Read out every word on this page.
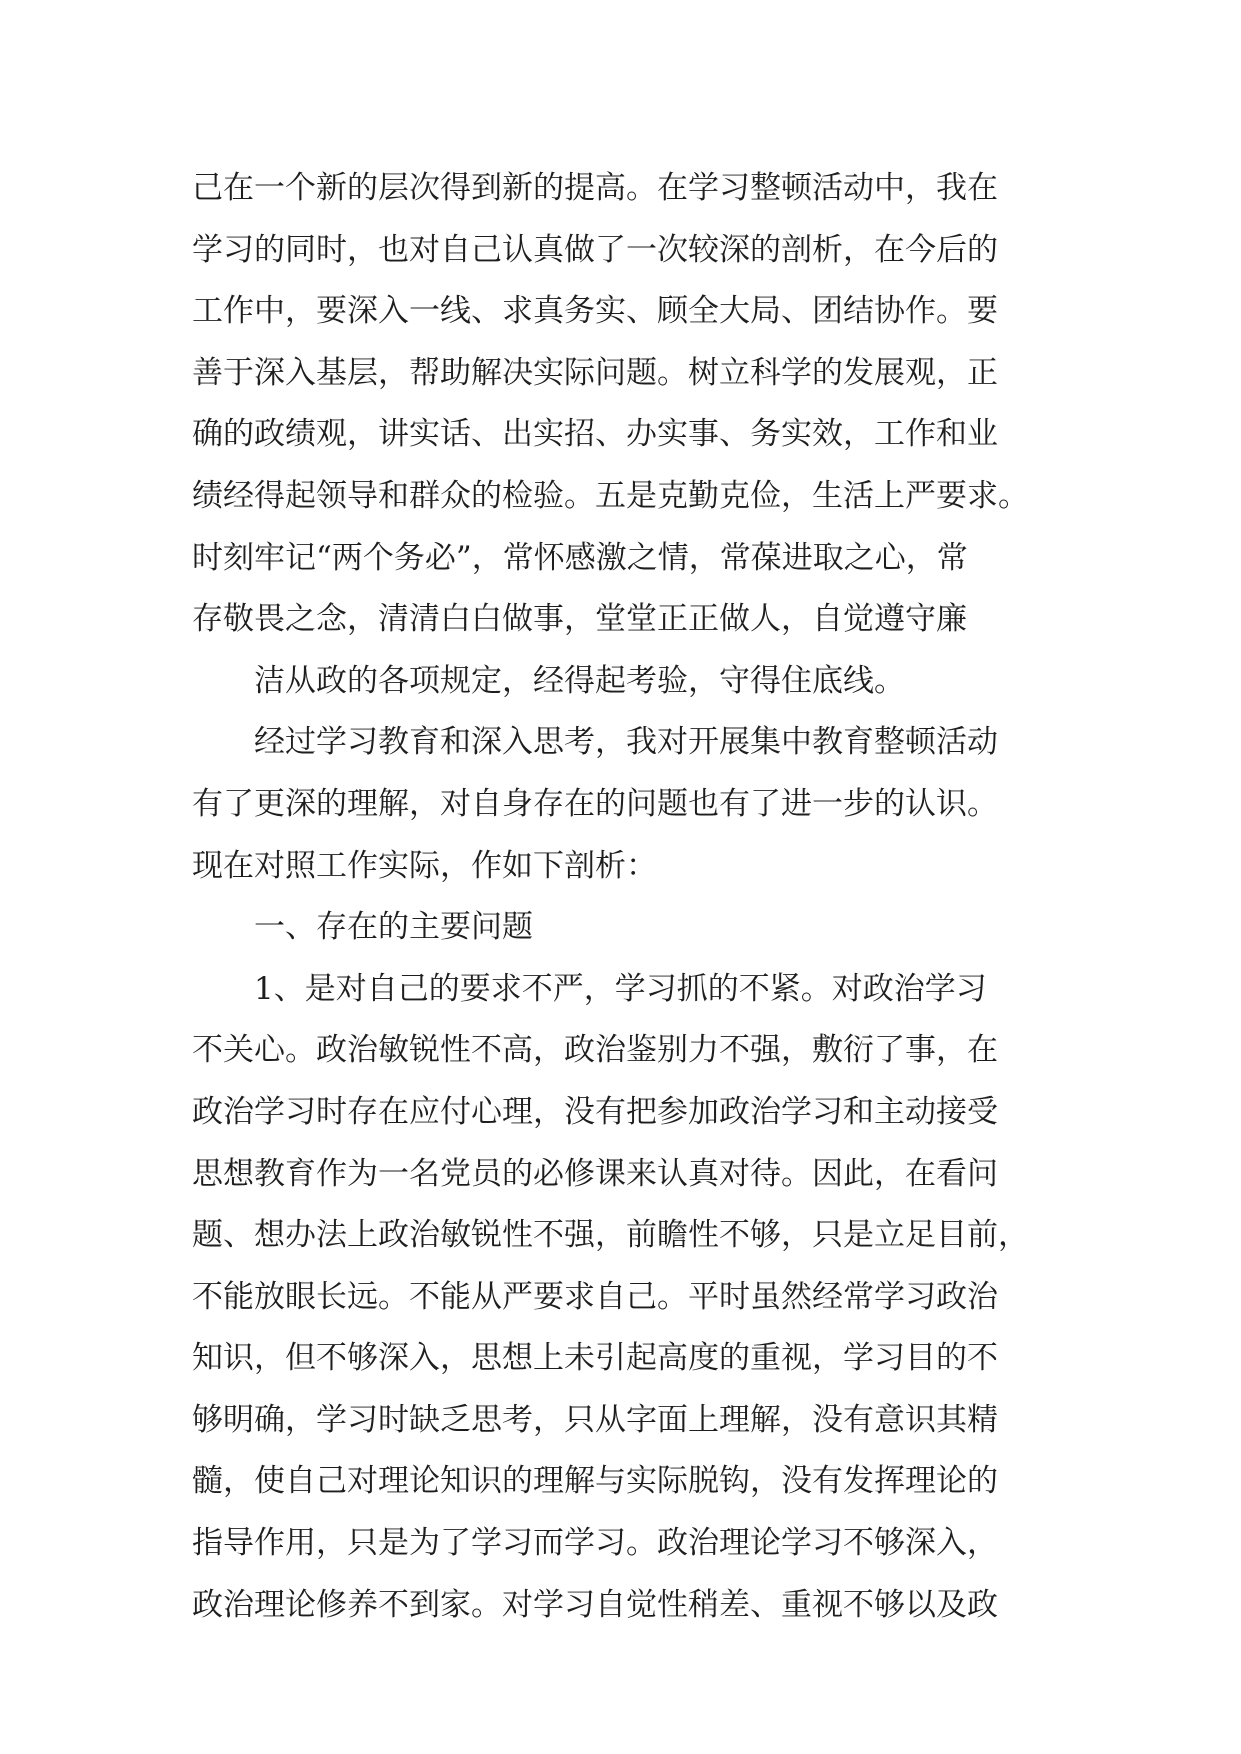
己在一个新的层次得到新的提高。在学习整顿活动中，我在
学习的同时，也对自己认真做了一次较深的剖析，在今后的
工作中，要深入一线、求真务实、顾全大局、团结协作。要
善于深入基层，帮助解决实际问题。树立科学的发展观，正
确的政绩观，讲实话、出实招、办实事、务实效，工作和业
绩经得起领导和群众的检验。五是克勤克俭，生活上严要求。
时刻牢记“两个务必”，常怀感激之情，常葆进取之心，常
存敬畏之念，清清白白做事，堂堂正正做人，自觉遵守廉
洁从政的各项规定，经得起考验，守得住底线。
经过学习教育和深入思考，我对开展集中教育整顿活动
有了更深的理解，对自身存在的问题也有了进一步的认识。
现在对照工作实际，作如下剖析：
一、存在的主要问题
1、是对自己的要求不严，学习抓的不紧。对政治学习
不关心。政治敏锐性不高，政治鉴别力不强，敷衍了事，在
政治学习时存在应付心理，没有把参加政治学习和主动接受
思想教育作为一名党员的必修课来认真对待。因此，在看问
题、想办法上政治敏锐性不强，前瞻性不够，只是立足目前，
不能放眼长远。不能从严要求自己。平时虽然经常学习政治
知识，但不够深入，思想上未引起高度的重视，学习目的不
够明确，学习时缺乏思考，只从字面上理解，没有意识其精
髓，使自己对理论知识的理解与实际脱钩，没有发挥理论的
指导作用，只是为了学习而学习。政治理论学习不够深入，
政治理论修养不到家。对学习自觉性稍差、重视不够以及政
